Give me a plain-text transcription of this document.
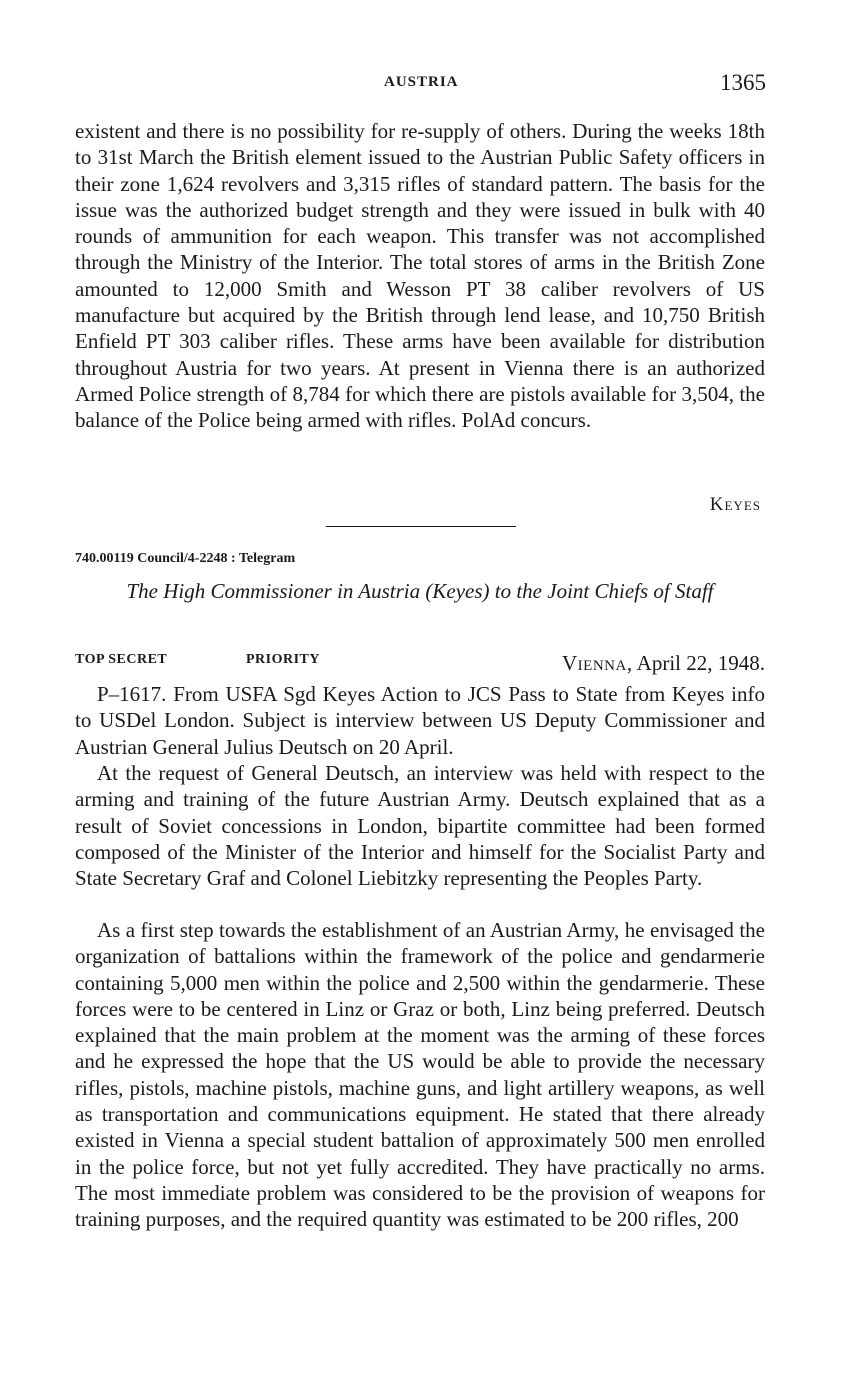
AUSTRIA	1365

existent and there is no possibility for re-supply of others. During the weeks 18th to 31st March the British element issued to the Austrian Public Safety officers in their zone 1,624 revolvers and 3,315 rifles of standard pattern. The basis for the issue was the authorized budget strength and they were issued in bulk with 40 rounds of ammunition for each weapon. This transfer was not accomplished through the Ministry of the Interior. The total stores of arms in the British Zone amounted to 12,000 Smith and Wesson PT 38 caliber revolvers of US manufacture but acquired by the British through lend lease, and 10,750 British Enfield PT 303 caliber rifles. These arms have been available for distribution throughout Austria for two years. At present in Vienna there is an authorized Armed Police strength of 8,784 for which there are pistols available for 3,504, the balance of the Police being armed with rifles. PolAd concurs.

Keyes
740.00119 Council/4-2248 : Telegram
The High Commissioner in Austria (Keyes) to the Joint Chiefs of Staff
TOP SECRET	PRIORITY	Vienna, April 22, 1948.

P–1617. From USFA Sgd Keyes Action to JCS Pass to State from Keyes info to USDel London. Subject is interview between US Deputy Commissioner and Austrian General Julius Deutsch on 20 April.

At the request of General Deutsch, an interview was held with respect to the arming and training of the future Austrian Army. Deutsch explained that as a result of Soviet concessions in London, bipartite committee had been formed composed of the Minister of the Interior and himself for the Socialist Party and State Secretary Graf and Colonel Liebitzky representing the Peoples Party.

As a first step towards the establishment of an Austrian Army, he envisaged the organization of battalions within the framework of the police and gendarmerie containing 5,000 men within the police and 2,500 within the gendarmerie. These forces were to be centered in Linz or Graz or both, Linz being preferred. Deutsch explained that the main problem at the moment was the arming of these forces and he expressed the hope that the US would be able to provide the necessary rifles, pistols, machine pistols, machine guns, and light artillery weapons, as well as transportation and communications equipment. He stated that there already existed in Vienna a special student battalion of approximately 500 men enrolled in the police force, but not yet fully accredited. They have practically no arms. The most immediate problem was considered to be the provision of weapons for training purposes, and the required quantity was estimated to be 200 rifles, 200
